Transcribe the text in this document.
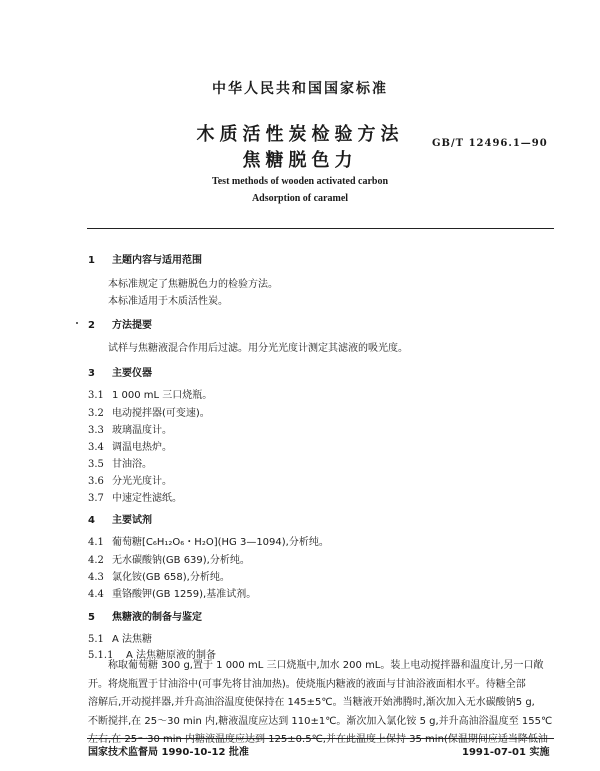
中华人民共和国国家标准
木质活性炭检验方法
焦糖脱色力
GB/T 12496.1—90
Test methods of wooden activated carbon
Adsorption of caramel
1 主题内容与适用范围
本标准规定了焦糖脱色力的检验方法。
本标准适用于木质活性炭。
2 方法提要
试样与焦糖液混合作用后过滤。用分光光度计测定其滤液的吸光度。
3 主要仪器
3.1 1 000 mL 三口烧瓶。
3.2 电动搅拌器(可变速)。
3.3 玻璃温度计。
3.4 调温电热炉。
3.5 甘油浴。
3.6 分光光度计。
3.7 中速定性滤纸。
4 主要试剂
4.1 葡萄糖[C₆H₁₂O₆・H₂O](HG 3—1094),分析纯。
4.2 无水碳酸钠(GB 639),分析纯。
4.3 氯化铵(GB 658),分析纯。
4.4 重铬酸钾(GB 1259),基准试剂。
5 焦糖液的制备与鉴定
5.1 A 法焦糖
5.1.1 A 法焦糖原液的制备
称取葡萄糖 300 g,置于 1 000 mL 三口烧瓶中,加水 200 mL。装上电动搅拌器和温度计,另一口敞
开。将烧瓶置于甘油浴中(可事先将甘油加热)。使烧瓶内糖液的液面与甘油浴液面相水平。待糖全部
溶解后,开动搅拌器,并升高油浴温度使保持在 145±5℃。当糖液开始沸腾时,渐次加入无水碳酸钠5 g,
不断搅拌,在 25～30 min 内,糖液温度应达到 110±1℃。渐次加入氯化铵 5 g,并升高油浴温度至 155℃
左右,在 25～30 min 内糖液温度应达到 125±0.5℃,并在此温度上保持 35 min(保温期间应适当降低油
国家技术监督局 1990-10-12 批准	1991-07-01 实施
